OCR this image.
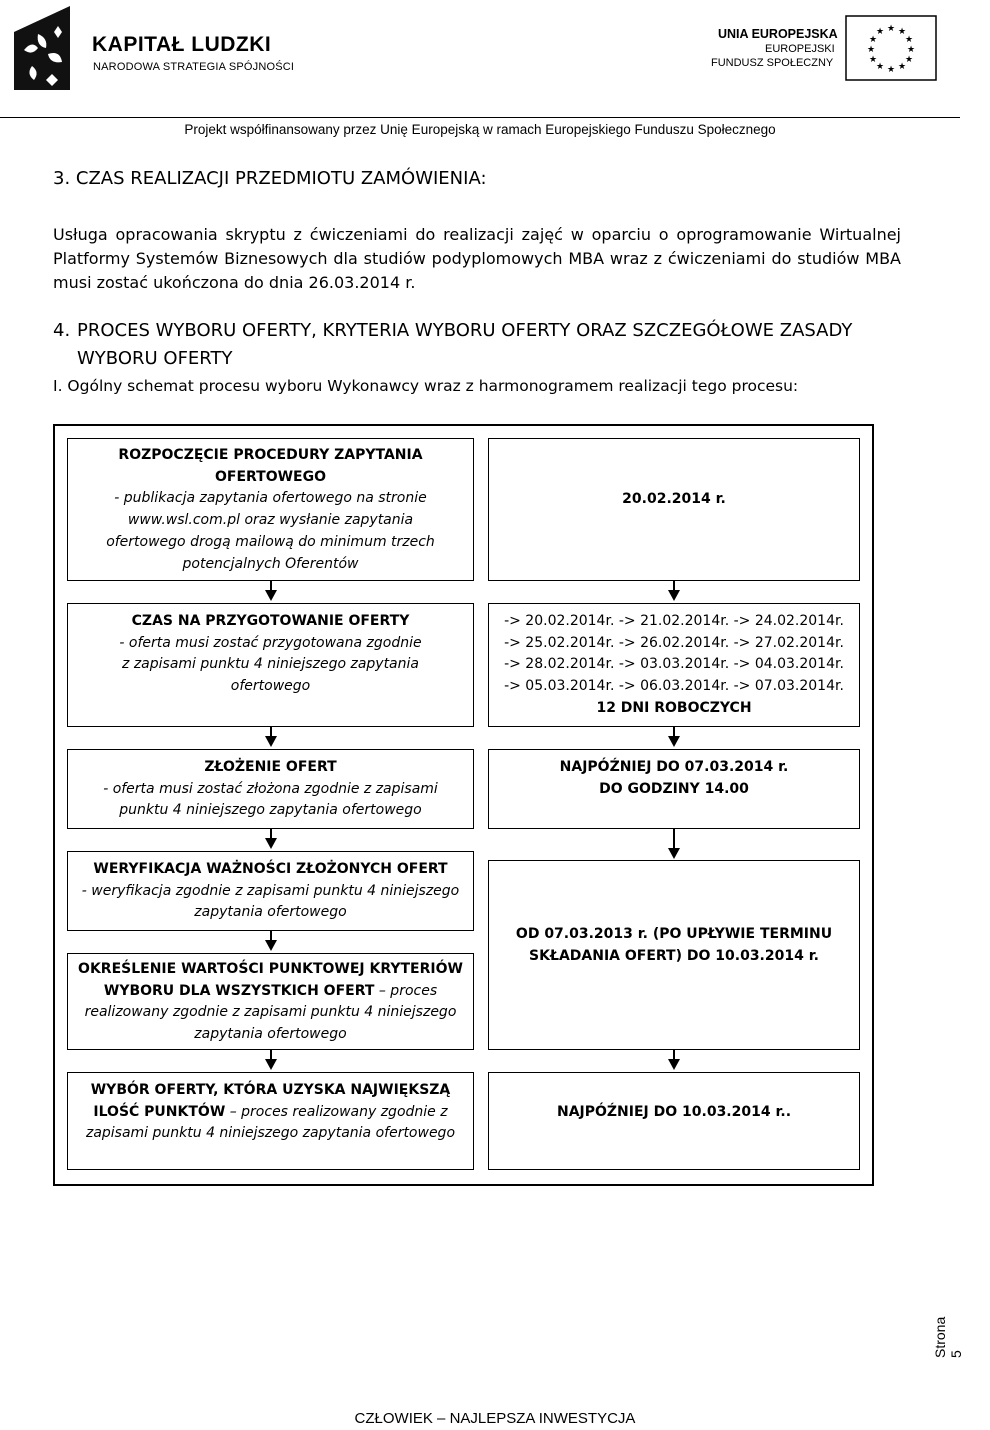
KAPITAŁ LUDZKI
NARODOWA STRATEGIA SPÓJNOŚCI
UNIA EUROPEJSKA
EUROPEJSKI
FUNDUSZ SPOŁECZNY
★ ★
★
★
★
★
★
★
★
★
★
★
Projekt współfinansowany przez Unię Europejską w ramach Europejskiego Funduszu Społecznego
3. CZAS REALIZACJI PRZEDMIOTU ZAMÓWIENIA:
Usługa opracowania skryptu z ćwiczeniami do realizacji zajęć w oparciu o oprogramowanie Wirtualnej Platformy Systemów Biznesowych dla studiów podyplomowych MBA wraz z ćwiczeniami do studiów MBA musi zostać ukończona do dnia 26.03.2014 r.
4. PROCES WYBORU OFERTY, KRYTERIA WYBORU OFERTY ORAZ SZCZEGÓŁOWE ZASADY WYBORU OFERTY
I. Ogólny schemat procesu wyboru Wykonawcy wraz z harmonogramem realizacji tego procesu:
ROZPOCZĘCIE PROCEDURY ZAPYTANIA
OFERTOWEGO
- publikacja zapytania ofertowego na stronie
www.wsl.com.pl oraz wysłanie zapytania
ofertowego drogą mailową do minimum trzech
potencjalnych Oferentów
20.02.2014 r.
CZAS NA PRZYGOTOWANIE OFERTY
- oferta musi zostać przygotowana zgodnie
z zapisami punktu 4 niniejszego zapytania
ofertowego
-> 20.02.2014r. -> 21.02.2014r. -> 24.02.2014r.
-> 25.02.2014r. -> 26.02.2014r. -> 27.02.2014r.
-> 28.02.2014r. -> 03.03.2014r. -> 04.03.2014r.
-> 05.03.2014r. -> 06.03.2014r. -> 07.03.2014r.
12 DNI ROBOCZYCH
ZŁOŻENIE OFERT
- oferta musi zostać złożona zgodnie z zapisami
punktu 4 niniejszego zapytania ofertowego
NAJPÓŹNIEJ DO 07.03.2014 r.
DO GODZINY 14.00
WERYFIKACJA WAŻNOŚCI ZŁOŻONYCH OFERT
- weryfikacja zgodnie z zapisami punktu 4 niniejszego
zapytania ofertowego
OKREŚLENIE WARTOŚCI PUNKTOWEJ KRYTERIÓW
WYBORU DLA WSZYSTKICH OFERT – proces
realizowany zgodnie z zapisami punktu 4 niniejszego
zapytania ofertowego
OD 07.03.2013 r. (PO UPŁYWIE TERMINU
SKŁADANIA OFERT) DO 10.03.2014 r.
WYBÓR OFERTY, KTÓRA UZYSKA NAJWIĘKSZĄ
ILOŚĆ PUNKTÓW – proces realizowany zgodnie z
zapisami punktu 4 niniejszego zapytania ofertowego
NAJPÓŹNIEJ DO 10.03.2014 r..
Strona 5
CZŁOWIEK – NAJLEPSZA INWESTYCJA
